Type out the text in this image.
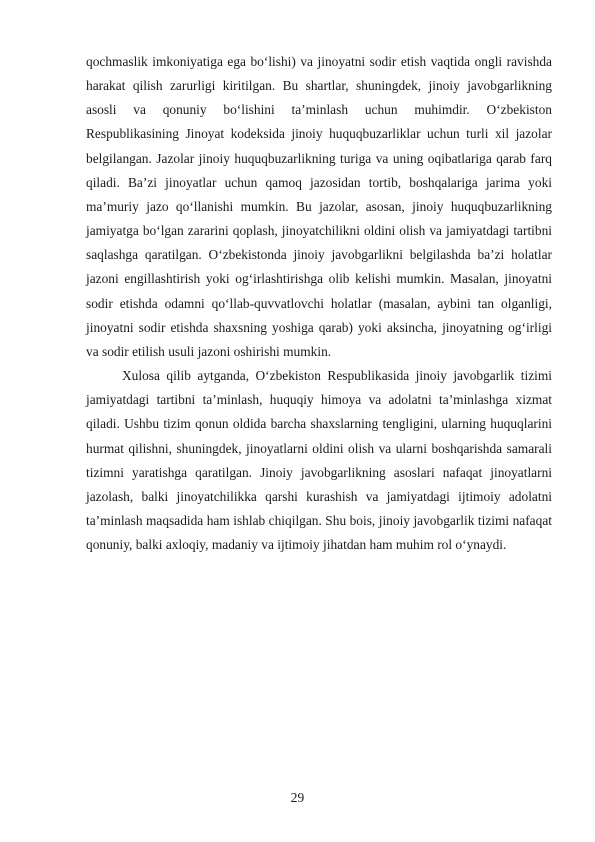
qochmaslik imkoniyatiga ega bo‘lishi) va jinoyatni sodir etish vaqtida ongli ravishda harakat qilish zarurligi kiritilgan. Bu shartlar, shuningdek, jinoiy javobgarlikning asosli va qonuniy bo‘lishini ta’minlash uchun muhimdir. O‘zbekiston Respublikasining Jinoyat kodeksida jinoiy huquqbuzarliklar uchun turli xil jazolar belgilangan. Jazolar jinoiy huquqbuzarlikning turiga va uning oqibatlariga qarab farq qiladi. Ba’zi jinoyatlar uchun qamoq jazosidan tortib, boshqalariga jarima yoki ma’muriy jazo qo‘llanishi mumkin. Bu jazolar, asosan, jinoiy huquqbuzarlikning jamiyatga bo‘lgan zararini qoplash, jinoyatchilikni oldini olish va jamiyatdagi tartibni saqlashga qaratilgan. O‘zbekistonda jinoiy javobgarlikni belgilashda ba’zi holatlar jazoni engillashtirish yoki og‘irlashtirishga olib kelishi mumkin. Masalan, jinoyatni sodir etishda odamni qo‘llab-quvvatlovchi holatlar (masalan, aybini tan olganligi, jinoyatni sodir etishda shaxsning yoshiga qarab) yoki aksincha, jinoyatning og‘irligi va sodir etilish usuli jazoni oshirishi mumkin.

Xulosa qilib aytganda, O‘zbekiston Respublikasida jinoiy javobgarlik tizimi jamiyatdagi tartibni ta’minlash, huquqiy himoya va adolatni ta’minlashga xizmat qiladi. Ushbu tizim qonun oldida barcha shaxslarning tengligini, ularning huquqlarini hurmat qilishni, shuningdek, jinoyatlarni oldini olish va ularni boshqarishda samarali tizimni yaratishga qaratilgan. Jinoiy javobgarlikning asoslari nafaqat jinoyatlarni jazolash, balki jinoyatchilikka qarshi kurashish va jamiyatdagi ijtimoiy adolatni ta’minlash maqsadida ham ishlab chiqilgan. Shu bois, jinoiy javobgarlik tizimi nafaqat qonuniy, balki axloqiy, madaniy va ijtimoiy jihatdan ham muhim rol o‘ynaydi.

29
